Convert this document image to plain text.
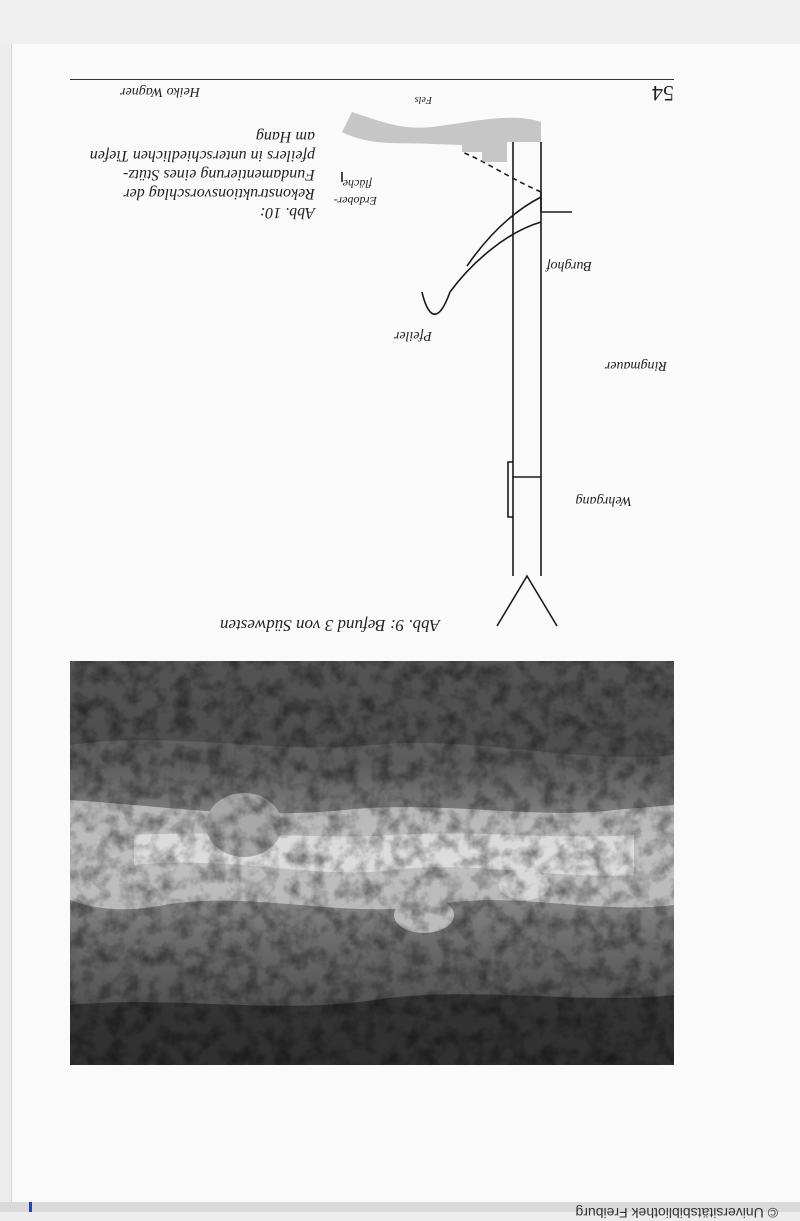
© Universitätsbibliothek Freiburg
Abb. 9: Befund 3 von Südwesten
Wehrgang
Ringmauer
Burghof
Pfeiler
Erdober-
fläche
Fels
Abb. 10:
Rekonstruktionsvorschlag der Fundamentierung eines Stütz-pfeilers in unterschiedlichen Tiefen am Hang
54
Heiko Wagner
